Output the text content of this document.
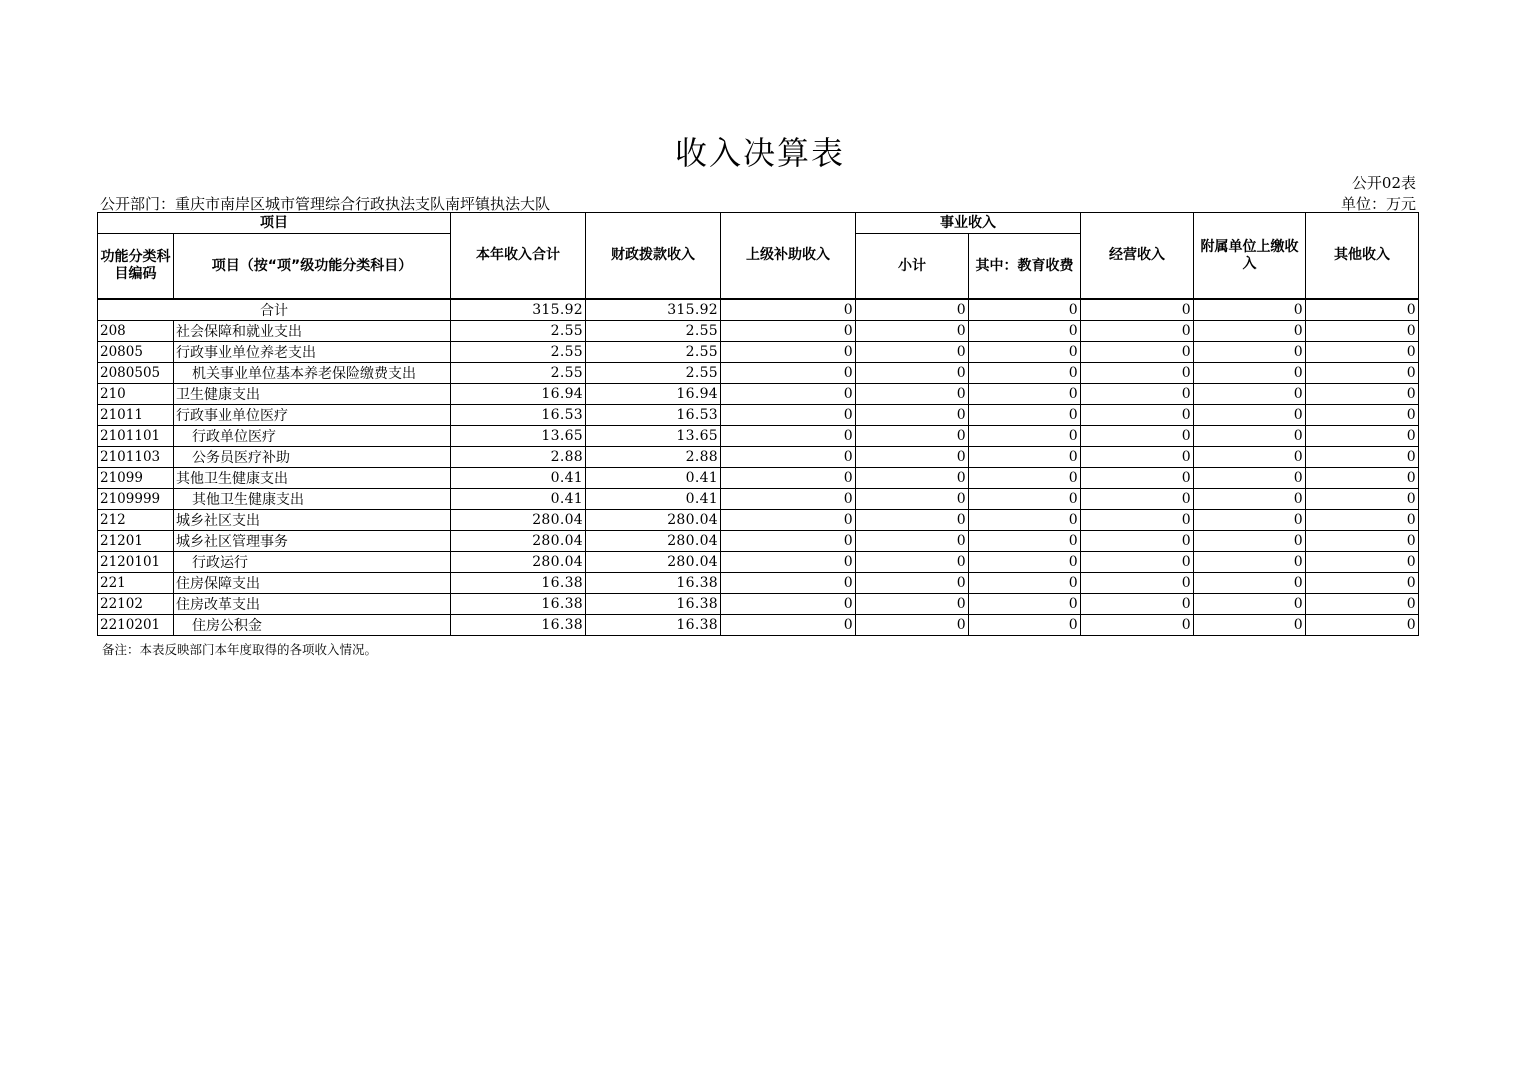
收入决算表
公开02表
公开部门：重庆市南岸区城市管理综合行政执法支队南坪镇执法大队	单位：万元
项目		本年收入合计	财政拨款收入	上级补助收入	事业收入		经营收入	附属单位上缴收入	其他收入
功能分类科目编码	项目（按“项”级功能分类科目）				小计	其中：教育收费			

合计		315.92	315.92	0	0	0	0	0	0
208	社会保障和就业支出	2.55	2.55	0	0	0	0	0	0
20805	行政事业单位养老支出	2.55	2.55	0	0	0	0	0	0
2080505	机关事业单位基本养老保险缴费支出	2.55	2.55	0	0	0	0	0	0
210	卫生健康支出	16.94	16.94	0	0	0	0	0	0
21011	行政事业单位医疗	16.53	16.53	0	0	0	0	0	0
2101101	行政单位医疗	13.65	13.65	0	0	0	0	0	0
2101103	公务员医疗补助	2.88	2.88	0	0	0	0	0	0
21099	其他卫生健康支出	0.41	0.41	0	0	0	0	0	0
2109999	其他卫生健康支出	0.41	0.41	0	0	0	0	0	0
212	城乡社区支出	280.04	280.04	0	0	0	0	0	0
21201	城乡社区管理事务	280.04	280.04	0	0	0	0	0	0
2120101	行政运行	280.04	280.04	0	0	0	0	0	0
221	住房保障支出	16.38	16.38	0	0	0	0	0	0
22102	住房改革支出	16.38	16.38	0	0	0	0	0	0
2210201	住房公积金	16.38	16.38	0	0	0	0	0	0
备注：本表反映部门本年度取得的各项收入情况。
